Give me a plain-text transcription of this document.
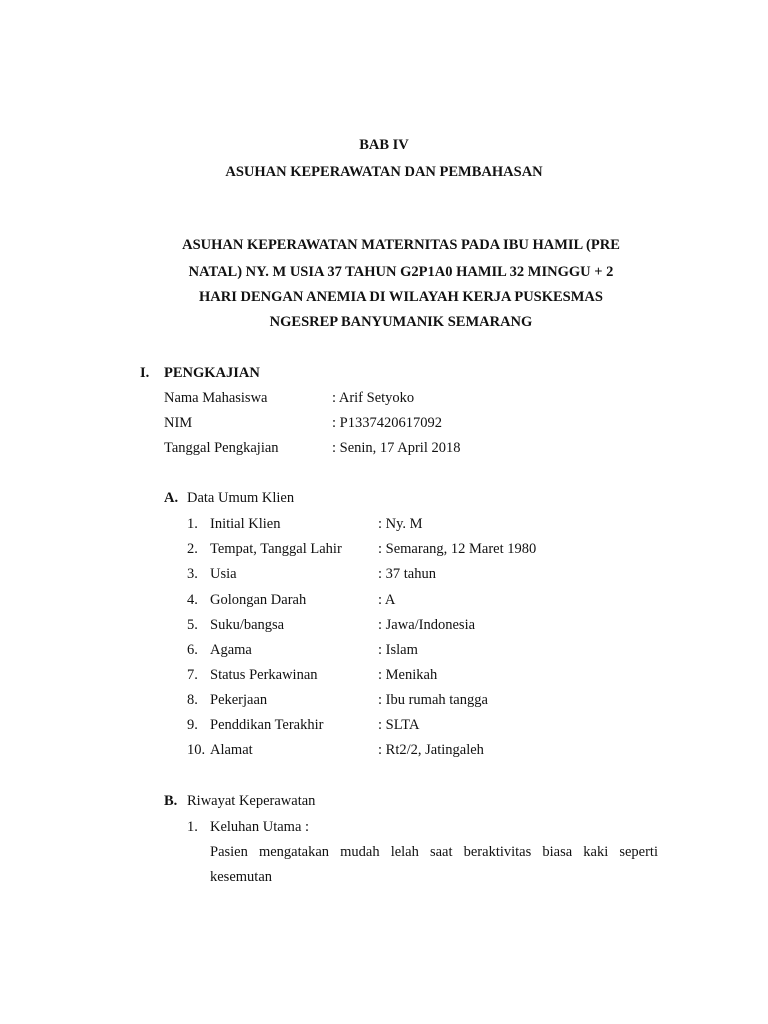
BAB IV
ASUHAN KEPERAWATAN DAN PEMBAHASAN
ASUHAN KEPERAWATAN MATERNITAS PADA IBU HAMIL (PRE
NATAL) NY. M USIA 37 TAHUN G2P1A0 HAMIL 32 MINGGU + 2
HARI DENGAN ANEMIA DI WILAYAH KERJA PUSKESMAS
NGESREP BANYUMANIK SEMARANG
I. PENGKAJIAN
Nama Mahasiswa	: Arif Setyoko
NIM	: P1337420617092
Tanggal Pengkajian	: Senin, 17 April 2018
A. Data Umum Klien
1. Initial Klien	: Ny. M
2. Tempat, Tanggal Lahir : Semarang, 12 Maret 1980
3. Usia	: 37 tahun
4. Golongan Darah	: A
5. Suku/bangsa	: Jawa/Indonesia
6. Agama	: Islam
7. Status Perkawinan	: Menikah
8. Pekerjaan	: Ibu rumah tangga
9. Penddikan Terakhir	: SLTA
10. Alamat	: Rt2/2, Jatingaleh
B. Riwayat Keperawatan
1. Keluhan Utama :
Pasien mengatakan mudah lelah saat beraktivitas biasa kaki seperti
kesemutan
